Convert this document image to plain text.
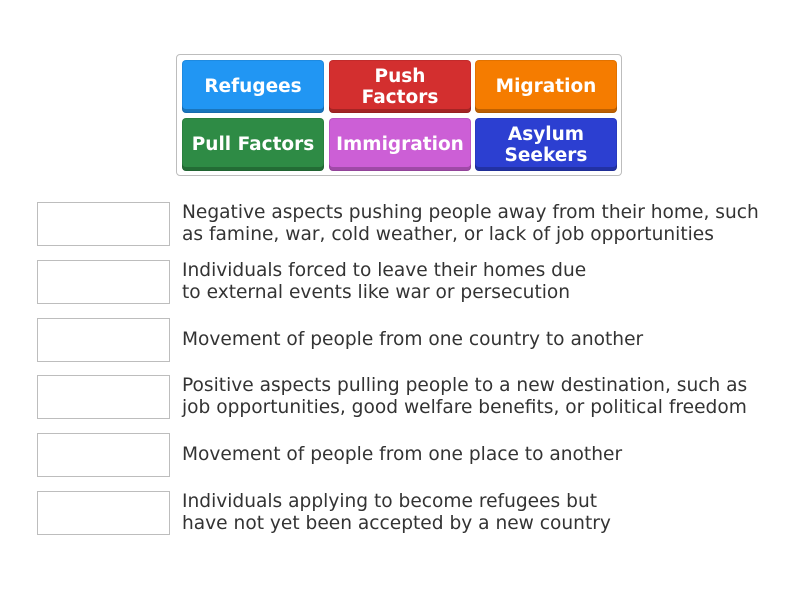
Refugees	Push Factors	Migration
Pull Factors Immigration Asylum
Seekers
Negative aspects pushing people away from their home, such
as famine, war, cold weather, or lack of job opportunities
Individuals forced to leave their homes due
to external events like war or persecution
Movement of people from one country to another
Positive aspects pulling people to a new destination, such as
job opportunities, good welfare benefits, or political freedom
Movement of people from one place to another
Individuals applying to become refugees but
have not yet been accepted by a new country
